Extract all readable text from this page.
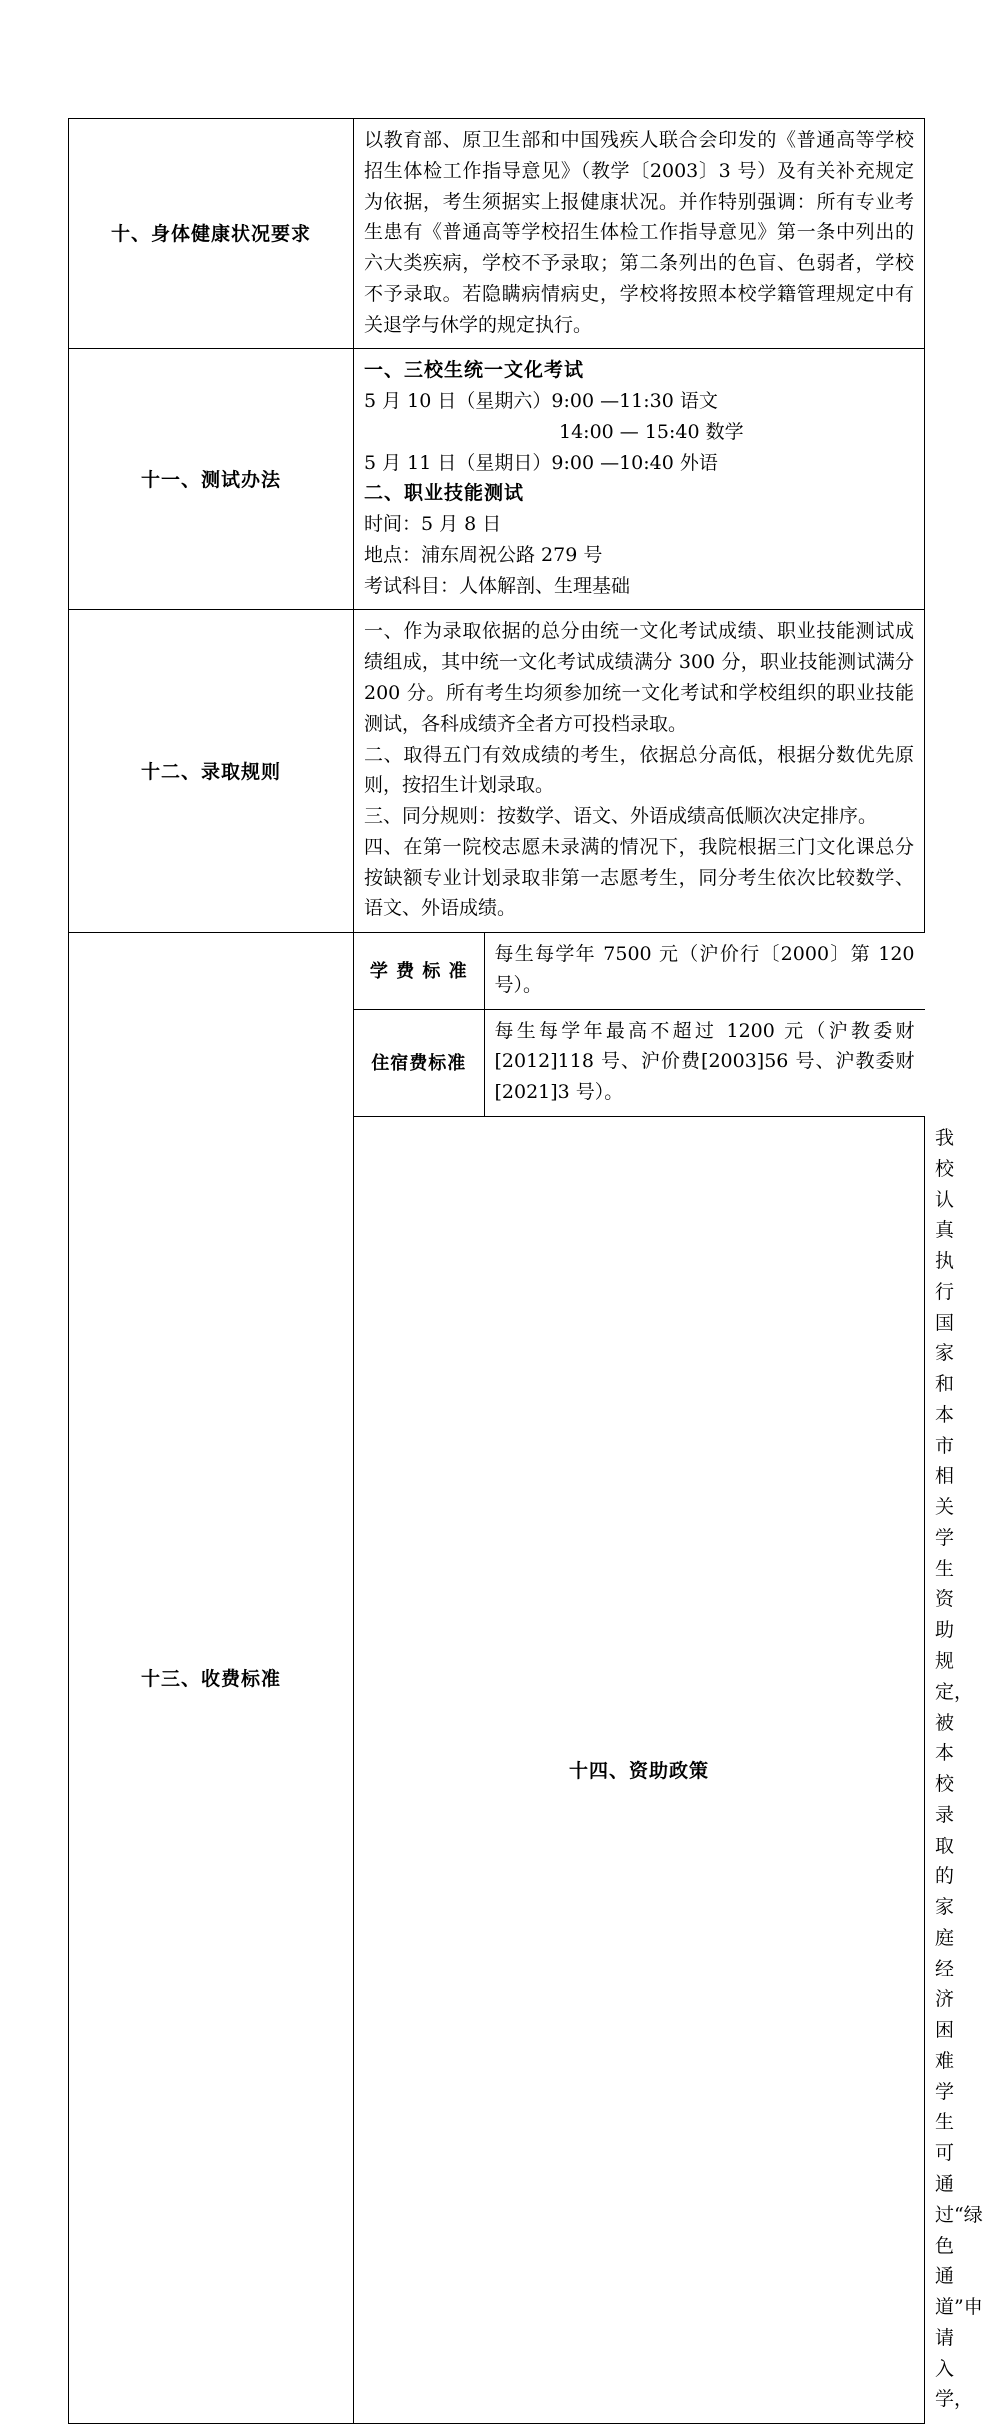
十、身体健康状况要求	

以教育部、原卫生部和中国残疾人联合会印发的《普通高等学校招生体检工作指导意见》（教学〔2003〕3 号）及有关补充规定为依据，考生须据实上报健康状况。并作特别强调：所有专业考生患有《普通高等学校招生体检工作指导意见》第一条中列出的六大类疾病，学校不予录取；第二条列出的色盲、色弱者，学校不予录取。若隐瞒病情病史，学校将按照本校学籍管理规定中有关退学与休学的规定执行。

十一、测试办法	

一、三校生统一文化考试

5 月 10 日（星期六）9:00 —11:30 语文

14:00 — 15:40 数学

5 月 11 日（星期日）9:00 —10:40 外语

二、职业技能测试

时间：5 月 8 日

地点：浦东周祝公路 279 号

考试科目：人体解剖、生理基础

十二、录取规则	

一、作为录取依据的总分由统一文化考试成绩、职业技能测试成绩组成，其中统一文化考试成绩满分 300 分，职业技能测试满分 200 分。所有考生均须参加统一文化考试和学校组织的职业技能测试，各科成绩齐全者方可投档录取。

二、取得五门有效成绩的考生，依据总分高低，根据分数优先原则，按招生计划录取。

三、同分规则：按数学、语文、外语成绩高低顺次决定排序。

四、在第一院校志愿未录满的情况下，我院根据三门文化课总分按缺额专业计划录取非第一志愿考生，同分考生依次比较数学、语文、外语成绩。

十三、收费标准	
学 费 标 准	每生每学年 7500 元（沪价行〔2000〕第 120 号）。
住宿费标准	每生每学年最高不超过 1200 元（沪教委财[2012]118 号、沪价费[2003]56 号、沪教委财[2021]3 号）。

十四、资助政策	

我校认真执行国家和本市相关学生资助规定，被本校录取的家庭经济困难学生可通过“绿色通道”申请入学，
